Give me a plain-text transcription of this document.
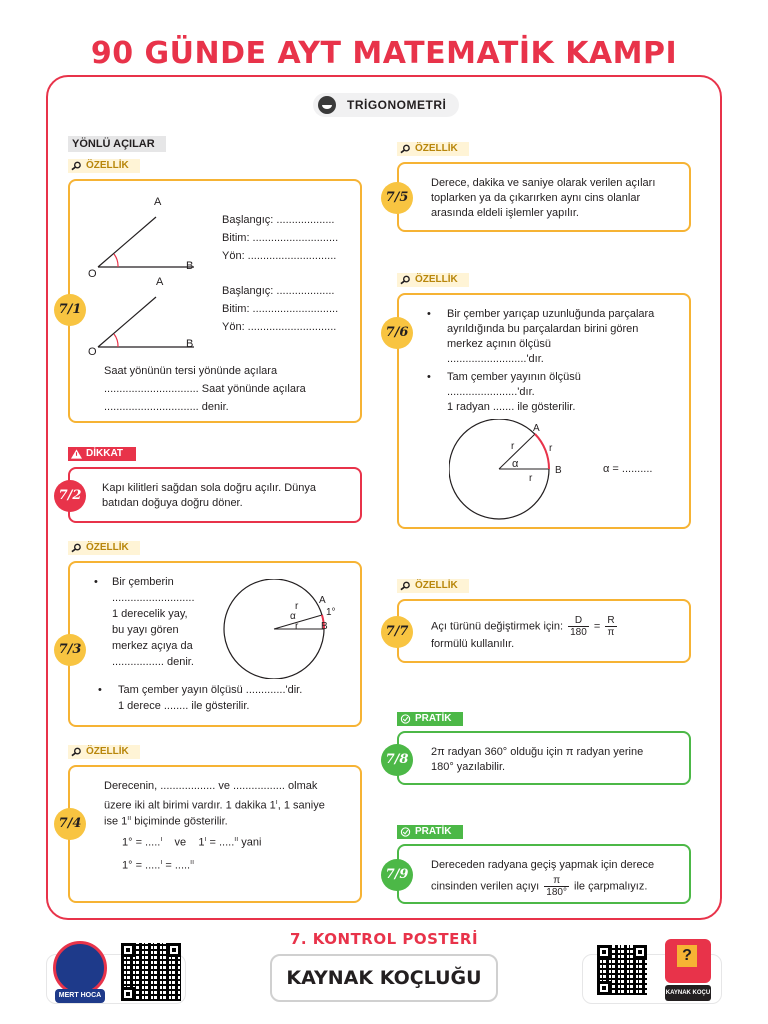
90 GÜNDE AYT MATEMATİK KAMPI
TRİGONOMETRİ
YÖNLÜ AÇILAR
ÖZELLİK
A
B
O
A
B
O
Başlangıç: ...................
Bitim: ............................
Yön: .............................
Başlangıç: ...................
Bitim: ............................
Yön: .............................
Saat yönünün tersi yönünde açılara
............................... Saat yönünde açılara
............................... denir.
7/1
DİKKAT
Kapı kilitleri sağdan sola doğru açılır. Dünya
batıdan doğuya doğru döner.
7/2
ÖZELLİK
• Bir çemberin
...........................
1 derecelik yay,
bu yayı gören
merkez açıya da
................. denir.
r
r
α
A
B
1°
• Tam çember yayın ölçüsü .............'dir.
1 derece ........ ile gösterilir.
7/3
ÖZELLİK
Derecenin, .................. ve ................. olmak
üzere iki alt birimi vardır. 1 dakika $1^ı$, 1 saniye
ise $1^{ıı}$ biçiminde gösterilir.
1° = .....$^ı$ ve $1^ı = .....^{ıı}$ yani
1° = .....$^ı$ = .....$^{ıı}$
7/4
ÖZELLİK
Derece, dakika ve saniye olarak verilen açıları
toplarken ya da çıkarırken aynı cins olanlar
arasında eldeli işlemler yapılır.
7/5
ÖZELLİK
• Bir çember yarıçap uzunluğunda parçalara
ayrıldığında bu parçalardan birini gören
merkez açının ölçüsü
..........................'dır.
• Tam çember yayının ölçüsü
.......................'dır.
1 radyan ....... ile gösterilir.
r
r
r
α
A
B	α = ..........
7/6
ÖZELLİK
Açı türünü değiştirmek için: $\frac{D}{180} = \frac{R}{\pi}$
formülü kullanılır.
7/7
PRATİK
2π radyan 360° olduğu için π radyan yerine
180° yazılabilir.
7/8
PRATİK
Dereceden radyana geçiş yapmak için derece
cinsinden verilen açıyı $\frac{\pi}{180^\circ}$ ile çarpmalıyız.
7/9
7. KONTROL POSTERİ
MERT HOCA
KAYNAK KOÇLUĞU
?
KAYNAK KOÇU
